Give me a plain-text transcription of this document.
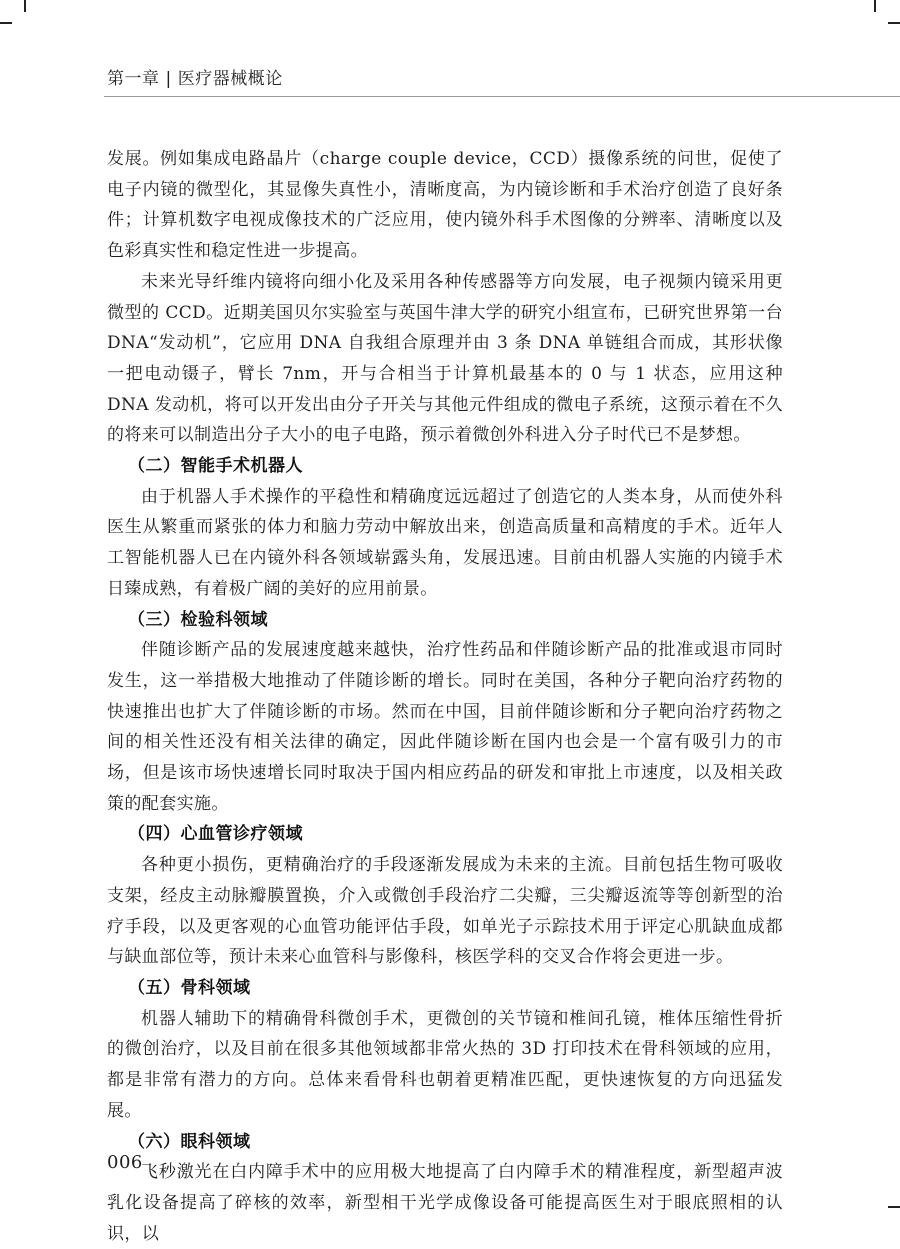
第一章 | 医疗器械概论

发展。例如集成电路晶片（charge couple device，CCD）摄像系统的问世，促使了电子内镜的微型化，其显像失真性小，清晰度高，为内镜诊断和手术治疗创造了良好条件；计算机数字电视成像技术的广泛应用，使内镜外科手术图像的分辨率、清晰度以及色彩真实性和稳定性进一步提高。

未来光导纤维内镜将向细小化及采用各种传感器等方向发展，电子视频内镜采用更微型的 CCD。近期美国贝尔实验室与英国牛津大学的研究小组宣布，已研究世界第一台 DNA“发动机”，它应用 DNA 自我组合原理并由 3 条 DNA 单链组合而成，其形状像一把电动镊子，臂长 7nm，开与合相当于计算机最基本的 0 与 1 状态，应用这种 DNA 发动机，将可以开发出由分子开关与其他元件组成的微电子系统，这预示着在不久的将来可以制造出分子大小的电子电路，预示着微创外科进入分子时代已不是梦想。

（二）智能手术机器人

由于机器人手术操作的平稳性和精确度远远超过了创造它的人类本身，从而使外科医生从繁重而紧张的体力和脑力劳动中解放出来，创造高质量和高精度的手术。近年人工智能机器人已在内镜外科各领域崭露头角，发展迅速。目前由机器人实施的内镜手术日臻成熟，有着极广阔的美好的应用前景。

（三）检验科领域

伴随诊断产品的发展速度越来越快，治疗性药品和伴随诊断产品的批准或退市同时发生，这一举措极大地推动了伴随诊断的增长。同时在美国，各种分子靶向治疗药物的快速推出也扩大了伴随诊断的市场。然而在中国，目前伴随诊断和分子靶向治疗药物之间的相关性还没有相关法律的确定，因此伴随诊断在国内也会是一个富有吸引力的市场，但是该市场快速增长同时取决于国内相应药品的研发和审批上市速度，以及相关政策的配套实施。

（四）心血管诊疗领域

各种更小损伤，更精确治疗的手段逐渐发展成为未来的主流。目前包括生物可吸收支架，经皮主动脉瓣膜置换，介入或微创手段治疗二尖瓣，三尖瓣返流等等创新型的治疗手段，以及更客观的心血管功能评估手段，如单光子示踪技术用于评定心肌缺血成都与缺血部位等，预计未来心血管科与影像科，核医学科的交叉合作将会更进一步。

（五）骨科领域

机器人辅助下的精确骨科微创手术，更微创的关节镜和椎间孔镜，椎体压缩性骨折的微创治疗，以及目前在很多其他领域都非常火热的 3D 打印技术在骨科领域的应用，都是非常有潜力的方向。总体来看骨科也朝着更精准匹配，更快速恢复的方向迅猛发展。

（六）眼科领域

飞秒激光在白内障手术中的应用极大地提高了白内障手术的精准程度，新型超声波乳化设备提高了碎核的效率，新型相干光学成像设备可能提高医生对于眼底照相的认识，以

006
